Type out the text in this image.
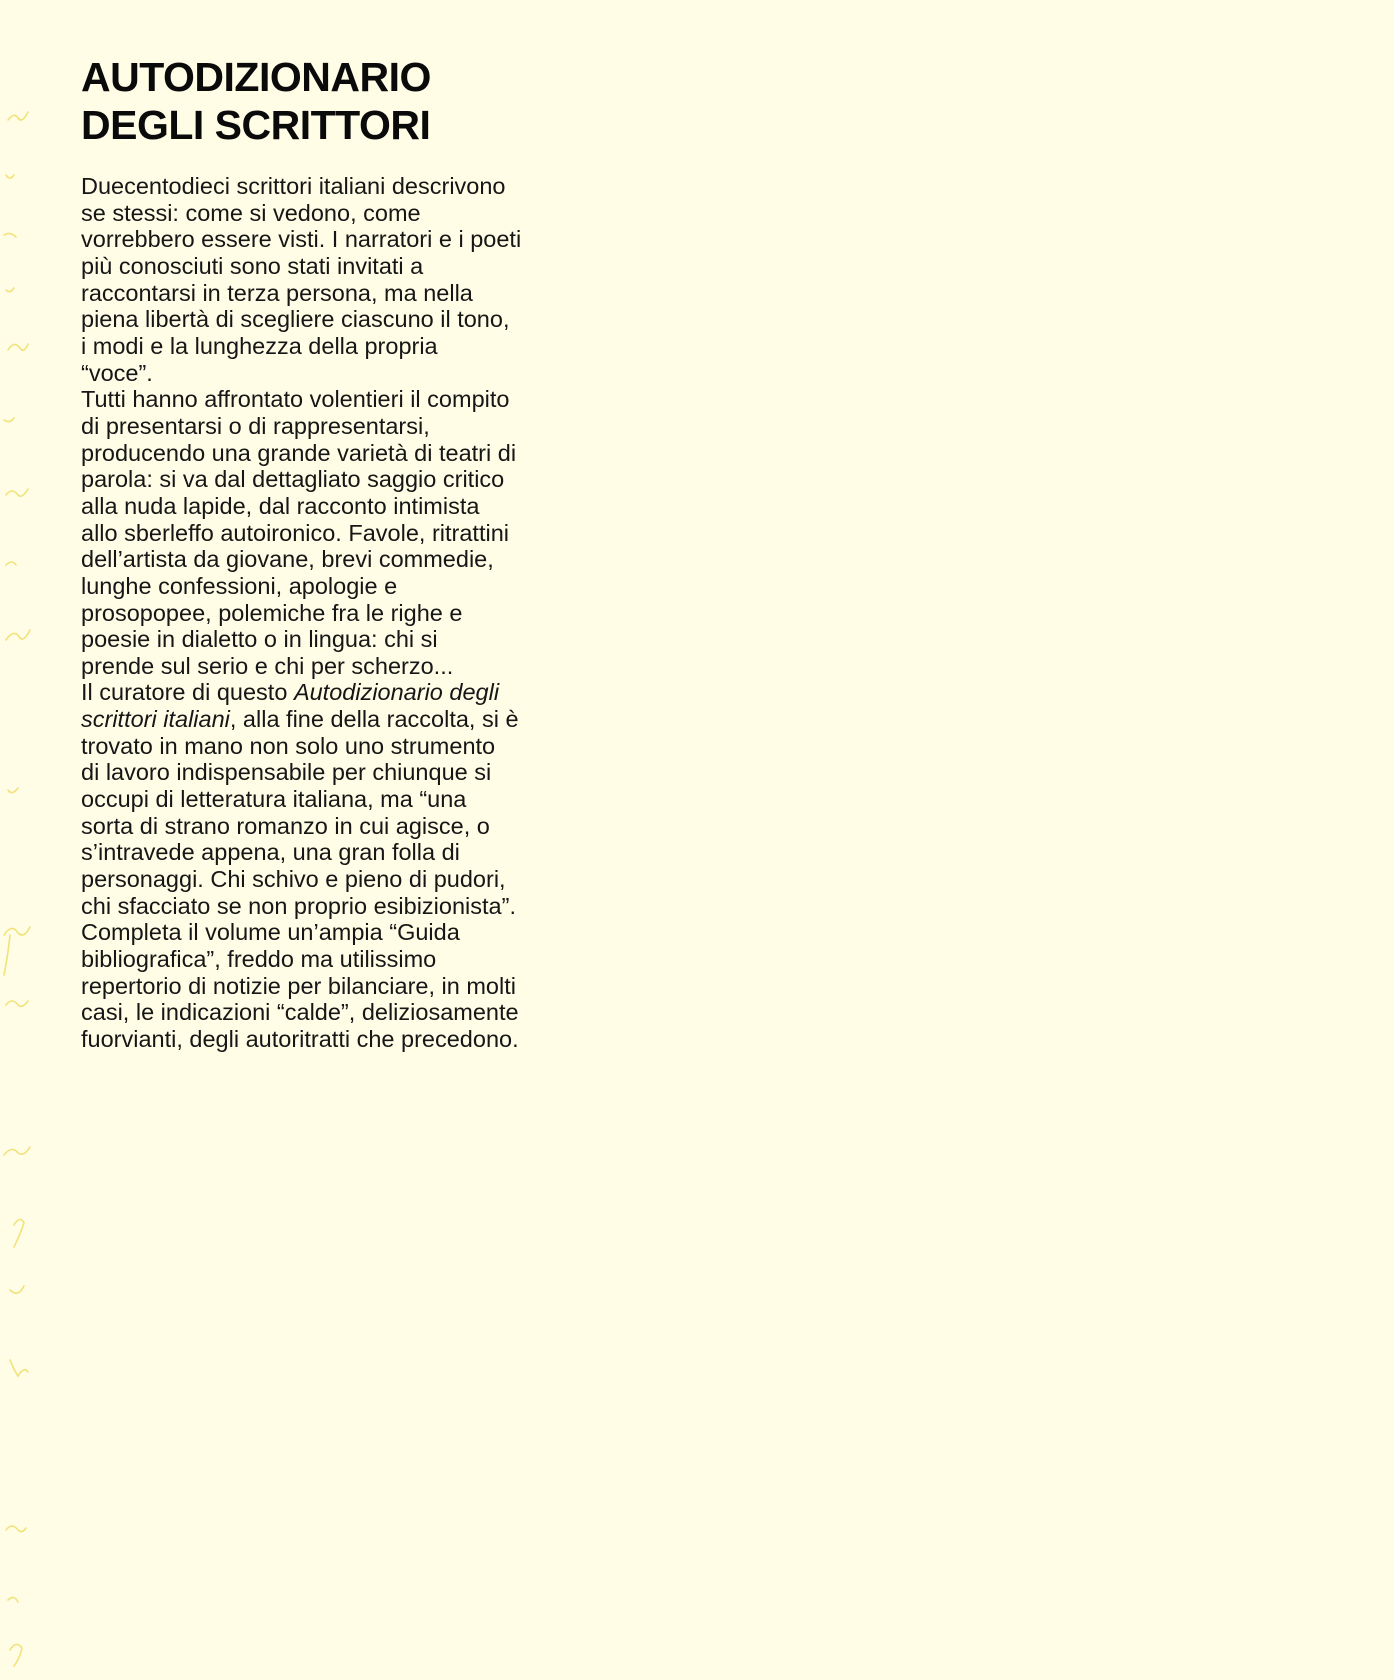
AUTODIZIONARIO
DEGLI SCRITTORI
Duecentodieci scrittori italiani descrivono
se stessi: come si vedono, come
vorrebbero essere visti. I narratori e i poeti
più conosciuti sono stati invitati a
raccontarsi in terza persona, ma nella
piena libertà di scegliere ciascuno il tono,
i modi e la lunghezza della propria
“voce”.
Tutti hanno affrontato volentieri il compito
di presentarsi o di rappresentarsi,
producendo una grande varietà di teatri di
parola: si va dal dettagliato saggio critico
alla nuda lapide, dal racconto intimista
allo sberleffo autoironico. Favole, ritrattini
dell’artista da giovane, brevi commedie,
lunghe confessioni, apologie e
prosopopee, polemiche fra le righe e
poesie in dialetto o in lingua: chi si
prende sul serio e chi per scherzo...
Il curatore di questo Autodizionario degli
scrittori italiani, alla fine della raccolta, si è
trovato in mano non solo uno strumento
di lavoro indispensabile per chiunque si
occupi di letteratura italiana, ma “una
sorta di strano romanzo in cui agisce, o
s’intravede appena, una gran folla di
personaggi. Chi schivo e pieno di pudori,
chi sfacciato se non proprio esibizionista”.
Completa il volume un’ampia “Guida
bibliografica”, freddo ma utilissimo
repertorio di notizie per bilanciare, in molti
casi, le indicazioni “calde”, deliziosamente
fuorvianti, degli autoritratti che precedono.
